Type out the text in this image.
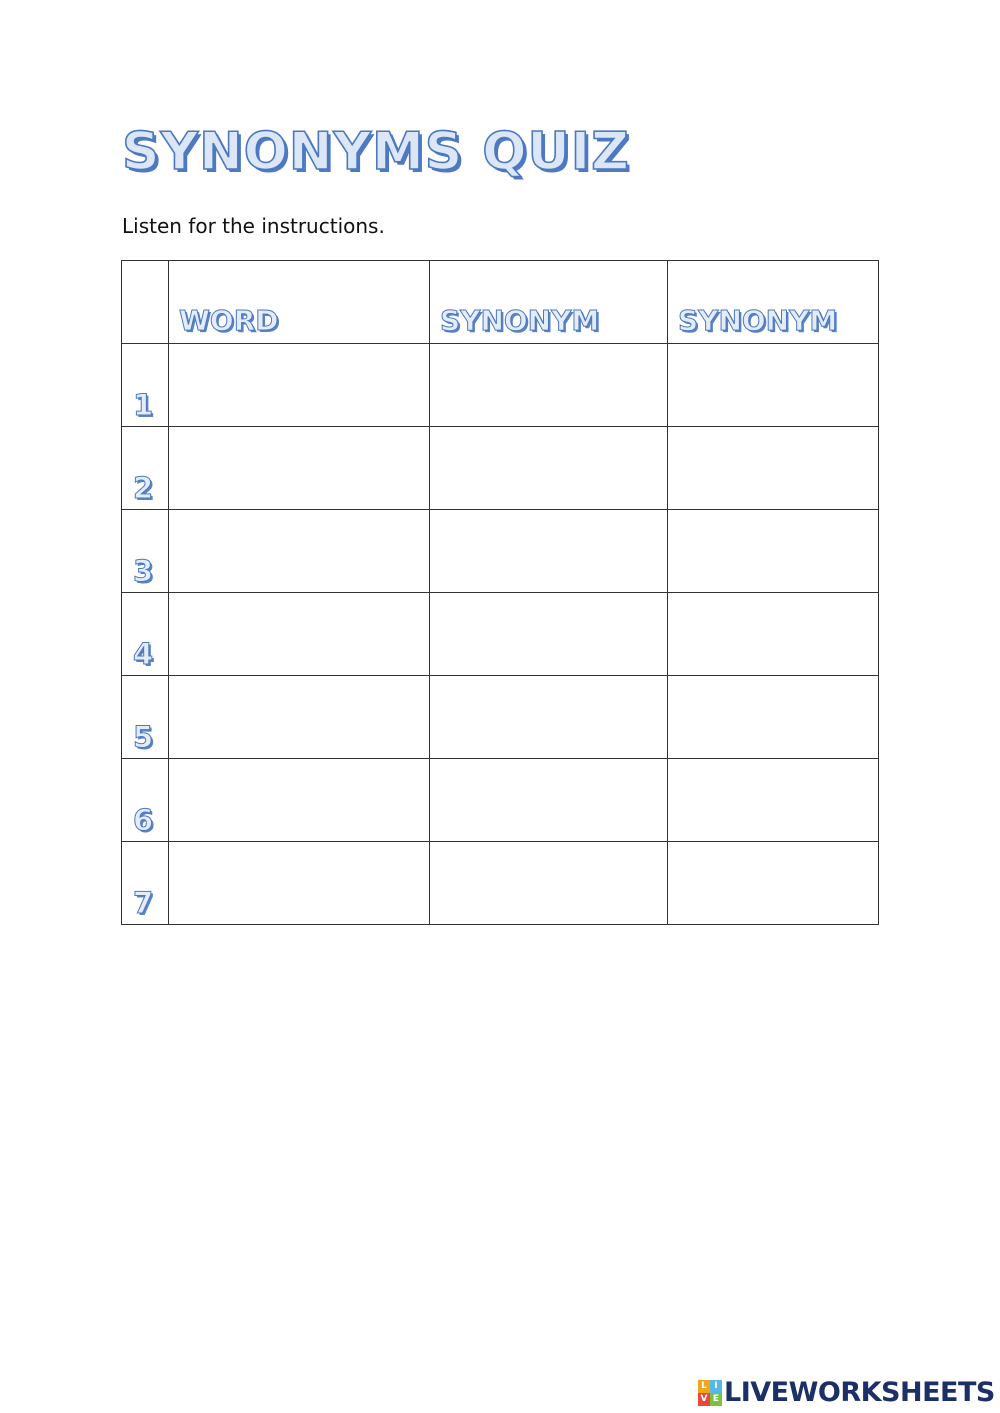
SYNONYMS QUIZ

Listen for the instructions.

	WORD	SYNONYM	SYNONYM

1			

2			

3			

4			

5			

6			

7			

L I
V E LIVEWORKSHEETS
